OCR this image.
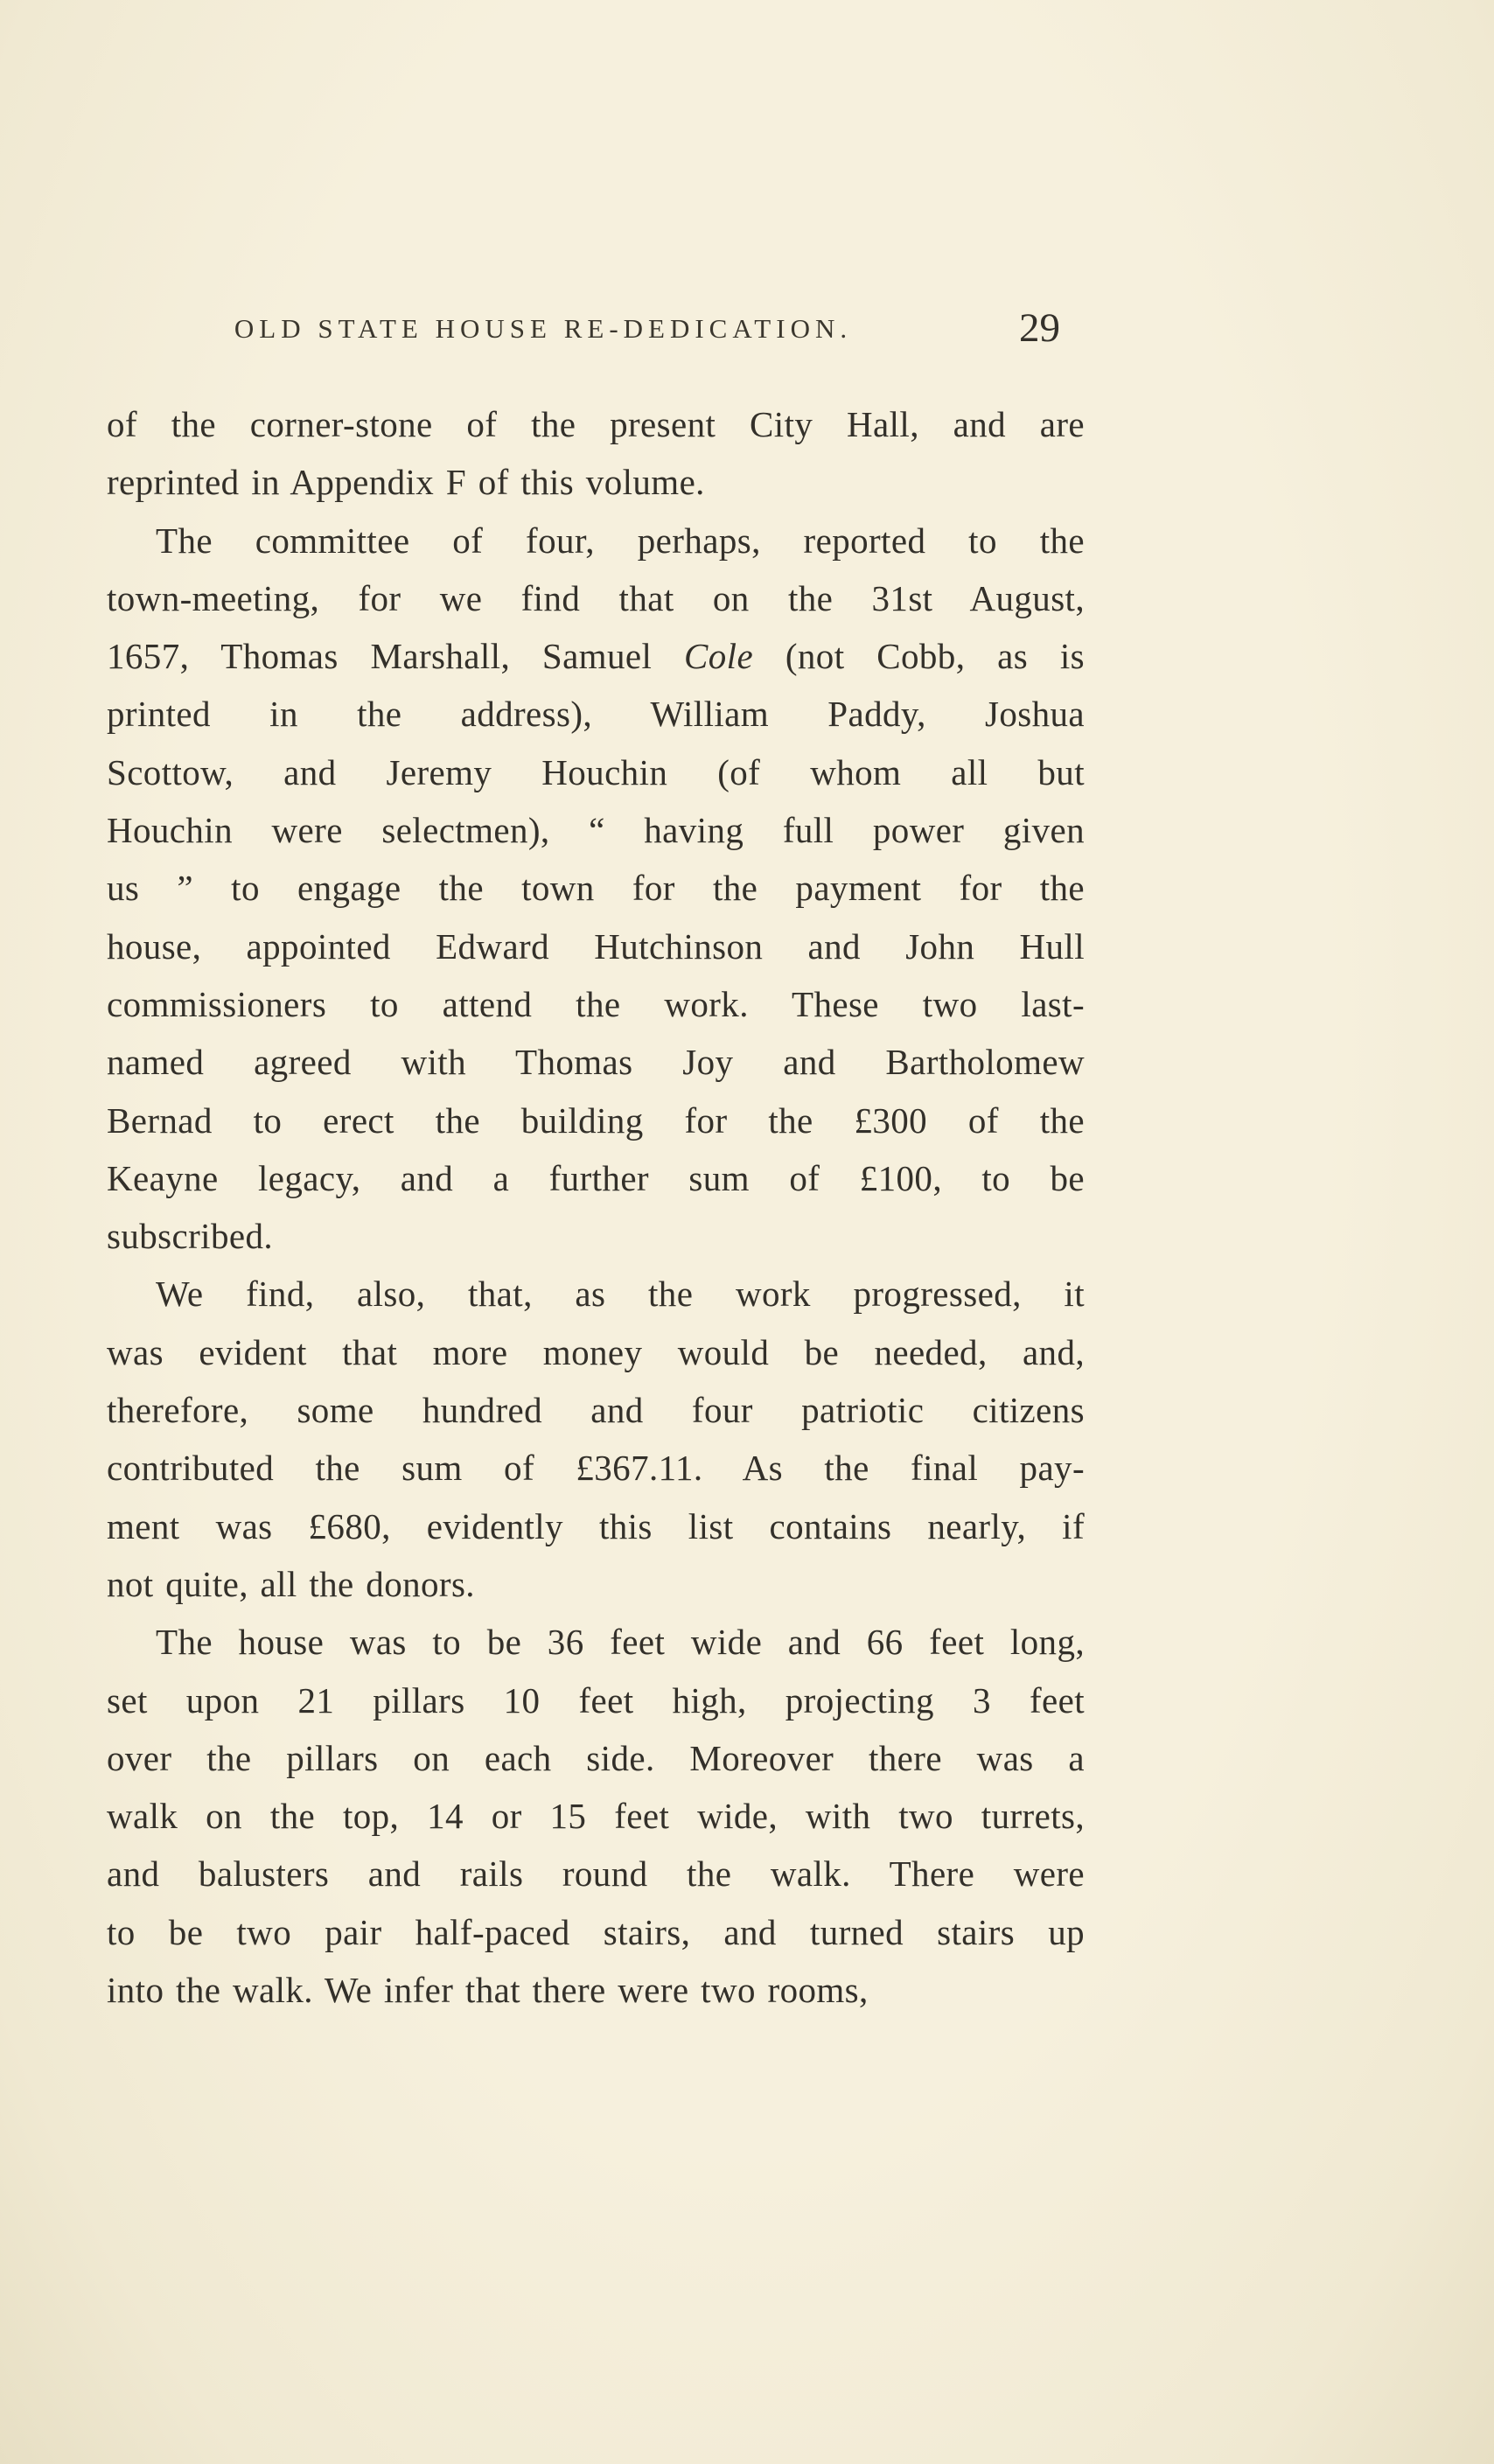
OLD STATE HOUSE RE-DEDICATION.	29
of the corner-stone of the present City Hall, and are
reprinted in Appendix F of this volume.
The committee of four, perhaps, reported to the
town-meeting, for we find that on the 31st August,
1657, Thomas Marshall, Samuel Cole (not Cobb, as is
printed in the address), William Paddy, Joshua
Scottow, and Jeremy Houchin (of whom all but
Houchin were selectmen), “ having full power given
us ” to engage the town for the payment for the
house, appointed Edward Hutchinson and John Hull
commissioners to attend the work. These two last-
named agreed with Thomas Joy and Bartholomew
Bernad to erect the building for the £300 of the
Keayne legacy, and a further sum of £100, to be
subscribed.
We find, also, that, as the work progressed, it
was evident that more money would be needed, and,
therefore, some hundred and four patriotic citizens
contributed the sum of £367.11. As the final pay-
ment was £680, evidently this list contains nearly, if
not quite, all the donors.
The house was to be 36 feet wide and 66 feet long,
set upon 21 pillars 10 feet high, projecting 3 feet
over the pillars on each side. Moreover there was a
walk on the top, 14 or 15 feet wide, with two turrets,
and balusters and rails round the walk. There were
to be two pair half-paced stairs, and turned stairs up
into the walk. We infer that there were two rooms,
